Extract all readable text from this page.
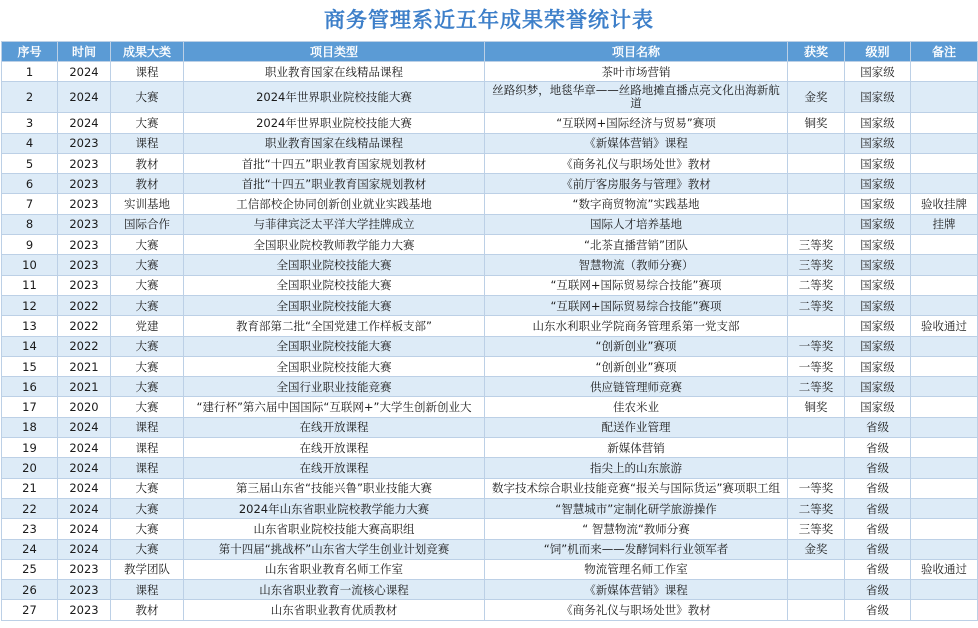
商务管理系近五年成果荣誉统计表
序号	时间	成果大类	项目类型	项目名称	获奖	级别	备注
1	2024	课程	职业教育国家在线精品课程	茶叶市场营销		国家级	
2	2024	大赛	2024年世界职业院校技能大赛	丝路织梦，地毯华章——丝路地摊直播点亮文化出海新航道	金奖	国家级	
3	2024	大赛	2024年世界职业院校技能大赛	“互联网+国际经济与贸易”赛项	铜奖	国家级	
4	2023	课程	职业教育国家在线精品课程	《新媒体营销》课程		国家级	
5	2023	教材	首批“十四五”职业教育国家规划教材	《商务礼仪与职场处世》教材		国家级	
6	2023	教材	首批“十四五”职业教育国家规划教材	《前厅客房服务与管理》教材		国家级	
7	2023	实训基地	工信部校企协同创新创业就业实践基地	“数字商贸物流”实践基地		国家级	验收挂牌
8	2023	国际合作	与菲律宾泛太平洋大学挂牌成立	国际人才培养基地		国家级	挂牌
9	2023	大赛	全国职业院校教师教学能力大赛	“北茶直播营销”团队	三等奖	国家级	
10	2023	大赛	全国职业院校技能大赛	智慧物流（教师分赛）	三等奖	国家级	
11	2023	大赛	全国职业院校技能大赛	“互联网+国际贸易综合技能”赛项	二等奖	国家级	
12	2022	大赛	全国职业院校技能大赛	“互联网+国际贸易综合技能”赛项	二等奖	国家级	
13	2022	党建	教育部第二批“全国党建工作样板支部”	山东水利职业学院商务管理系第一党支部		国家级	验收通过
14	2022	大赛	全国职业院校技能大赛	“创新创业”赛项	一等奖	国家级	
15	2021	大赛	全国职业院校技能大赛	“创新创业”赛项	一等奖	国家级	
16	2021	大赛	全国行业职业技能竞赛	供应链管理师竞赛	二等奖	国家级	
17	2020	大赛	“建行杯”第六届中国国际“互联网+”大学生创新创业大	佳农米业	铜奖	国家级	
18	2024	课程	在线开放课程	配送作业管理		省级	
19	2024	课程	在线开放课程	新媒体营销		省级	
20	2024	课程	在线开放课程	指尖上的山东旅游		省级	
21	2024	大赛	第三届山东省“技能兴鲁”职业技能大赛	数字技术综合职业技能竞赛“报关与国际货运”赛项职工组	一等奖	省级	
22	2024	大赛	2024年山东省职业院校教学能力大赛	“智慧城市”定制化研学旅游操作	二等奖	省级	
23	2024	大赛	山东省职业院校技能大赛高职组	“ 智慧物流“教师分赛	三等奖	省级	
24	2024	大赛	第十四届“挑战杯”山东省大学生创业计划竞赛	“饲”机而来——发酵饲料行业领军者	金奖	省级	
25	2023	教学团队	山东省职业教育名师工作室	物流管理名师工作室		省级	验收通过
26	2023	课程	山东省职业教育一流核心课程	《新媒体营销》课程		省级	
27	2023	教材	山东省职业教育优质教材	《商务礼仪与职场处世》教材		省级	
